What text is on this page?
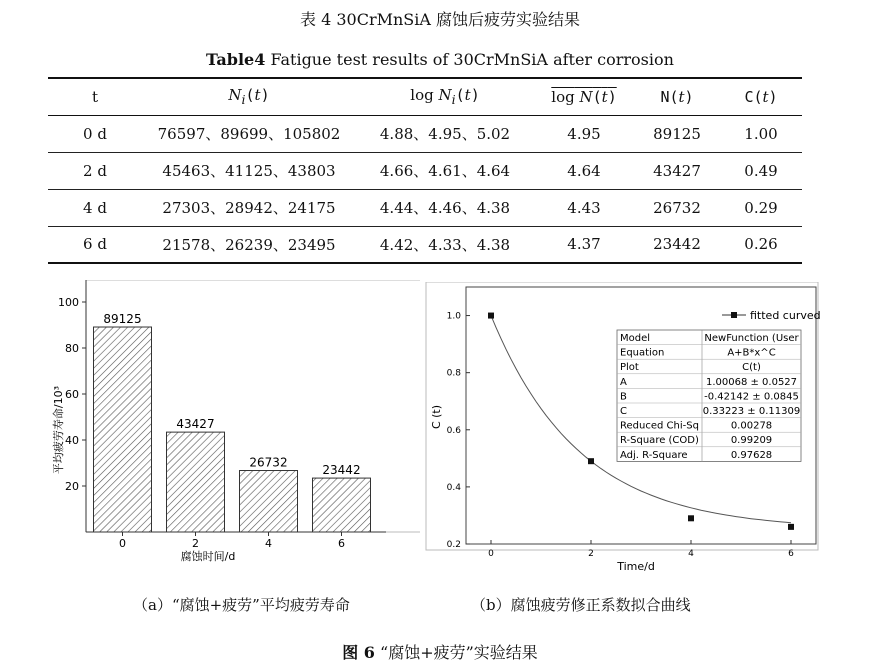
表 4 30CrMnSiA 腐蚀后疲劳实验结果
Table4 Fatigue test results of 30CrMnSiA after corrosion
t	$N_i(t)$	$\log N_i(t)$	log N(t)	N(t)	C(t)
0 d	76597、89699、105802	4.88、4.95、5.02	4.95	89125	1.00
2 d	45463、41125、43803	4.66、4.61、4.64	4.64	43427	0.49
4 d	27303、28942、24175	4.44、4.46、4.38	4.43	26732	0.29
6 d	21578、26239、23495	4.42、4.33、4.38	4.37	23442	0.26
20
40
60
80
100
89125
0
43427
2
26732
4
23442
6
腐蚀时间/d
平均疲劳寿命/10³
0	2	4	6
0.2
0.4
0.6
0.8
1.0
Time/d
C (t)
fitted curved
Model	NewFunction (User
Equation	A+B*x^C
Plot	C(t)
A	1.00068 ± 0.0527
B	-0.42142 ± 0.0845
C	0.33223 ± 0.11309
Reduced Chi-Sq	0.00278
R-Square (COD)	0.99209
Adj. R-Square	0.97628
（a）“腐蚀+疲劳”平均疲劳寿命	（b）腐蚀疲劳修正系数拟合曲线
图 6 “腐蚀+疲劳”实验结果
